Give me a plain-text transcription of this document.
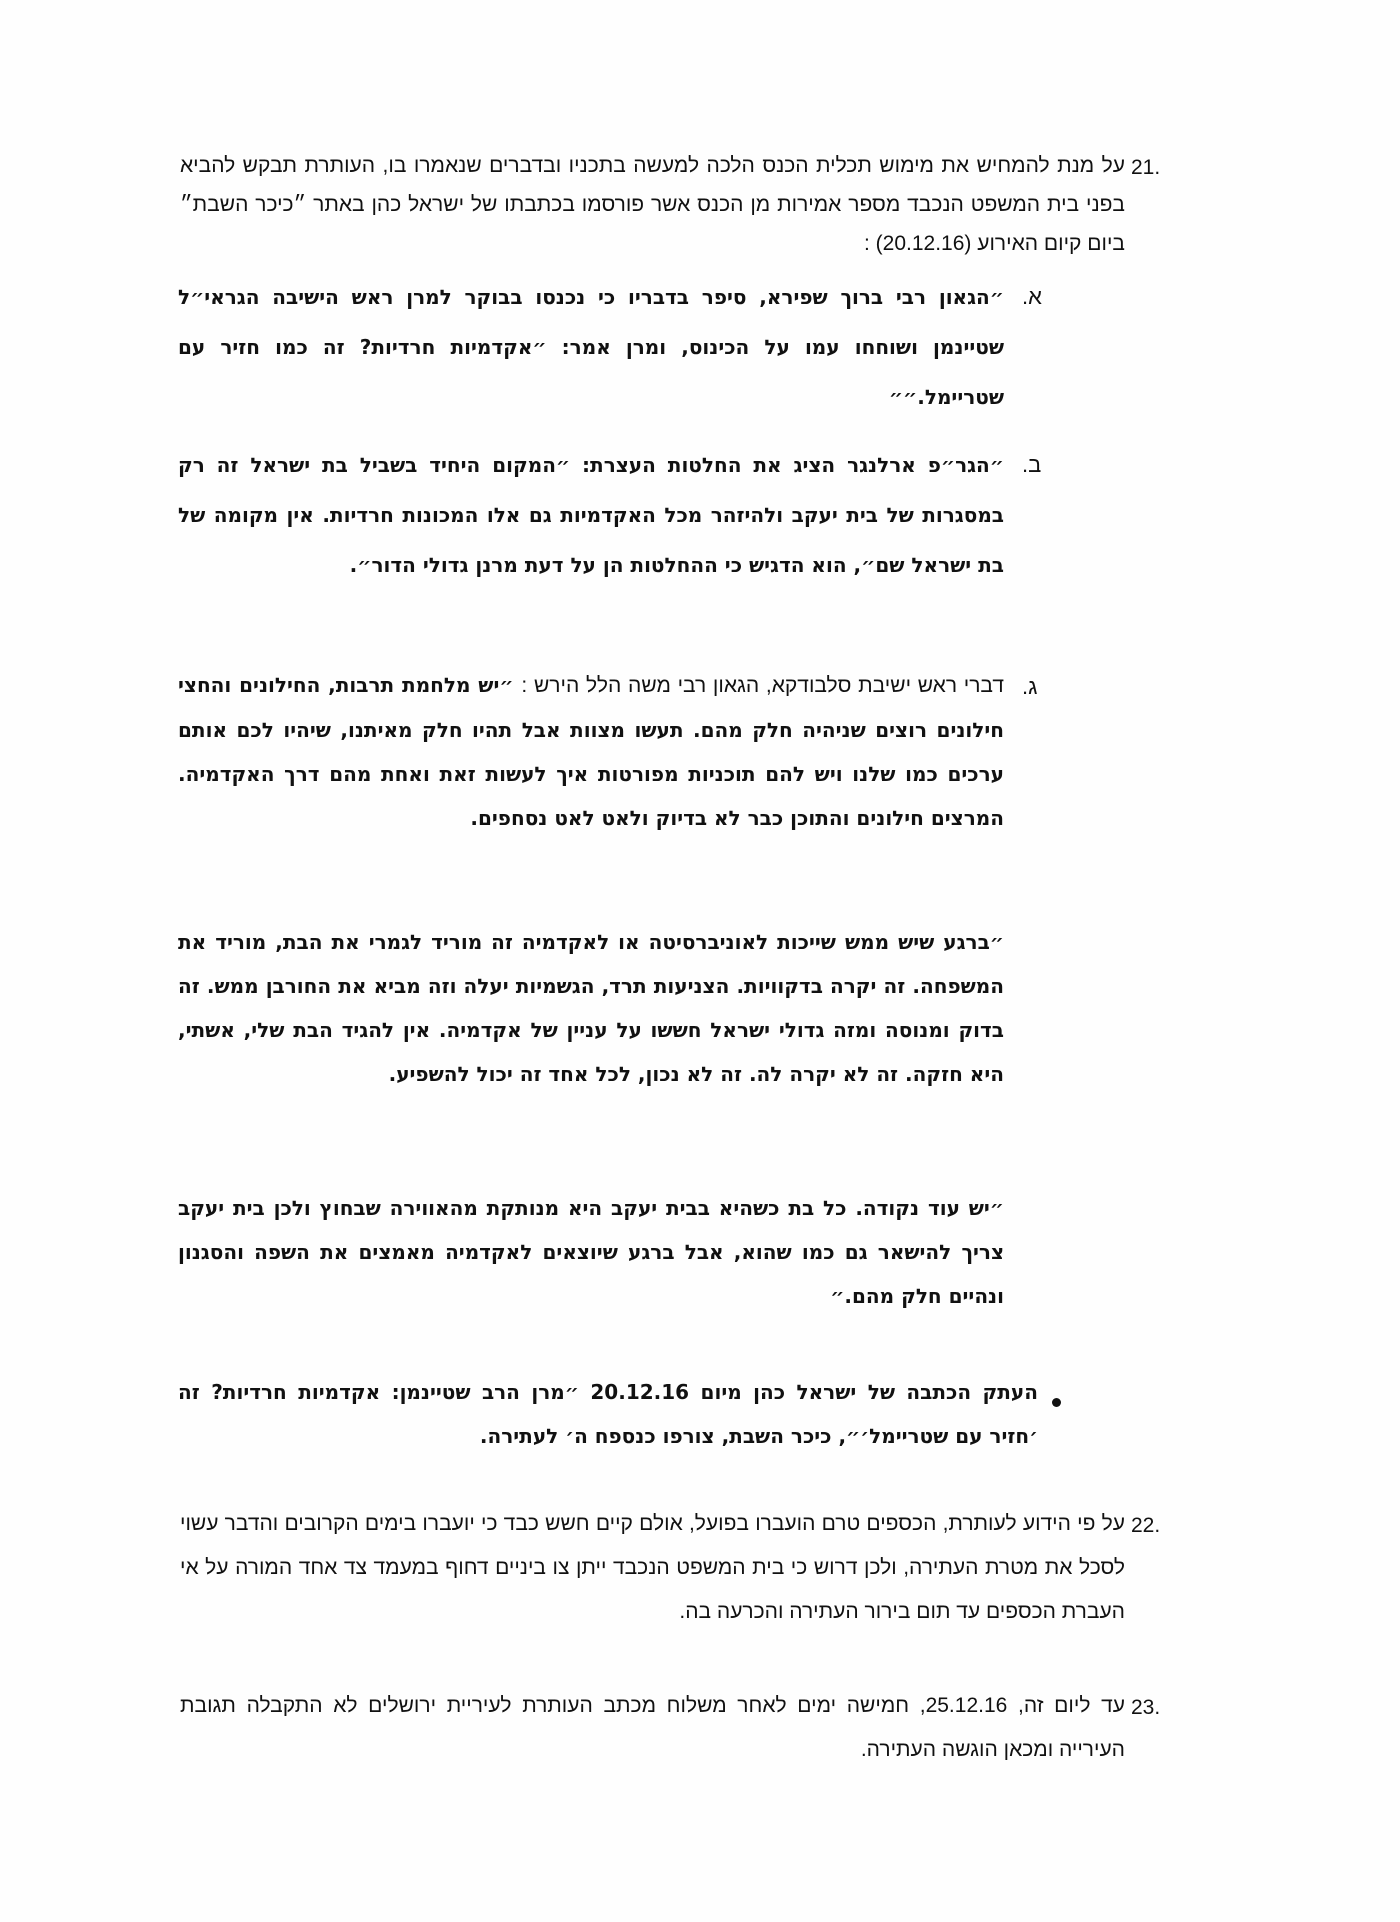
21.
על מנת להמחיש את מימוש תכלית הכנס הלכה למעשה בתכניו ובדברים שנאמרו בו, העותרת תבקש להביא בפני בית המשפט הנכבד מספר אמירות מן הכנס אשר פורסמו בכתבתו של ישראל כהן באתר ״כיכר השבת״ ביום קיום האירוע (20.12.16) :
א.
״הגאון רבי ברוך שפירא, סיפר בדבריו כי נכנסו בבוקר למרן ראש הישיבה הגראי״ל שטיינמן ושוחחו עמו על הכינוס, ומרן אמר: ״אקדמיות חרדיות? זה כמו חזיר עם שטריימל.״״
ב.
״הגר״פ ארלנגר הציג את החלטות העצרת: ״המקום היחיד בשביל בת ישראל זה רק במסגרות של בית יעקב ולהיזהר מכל האקדמיות גם אלו המכונות חרדיות. אין מקומה של בת ישראל שם״, הוא הדגיש כי ההחלטות הן על דעת מרנן גדולי הדור״.
ג.
דברי ראש ישיבת סלבודקא, הגאון רבי משה הלל הירש : ״יש מלחמת תרבות, החילונים והחצי חילונים רוצים שניהיה חלק מהם. תעשו מצוות אבל תהיו חלק מאיתנו, שיהיו לכם אותם ערכים כמו שלנו ויש להם תוכניות מפורטות איך לעשות זאת ואחת מהם דרך האקדמיה. המרצים חילונים והתוכן כבר לא בדיוק ולאט לאט נסחפים.
״ברגע שיש ממש שייכות לאוניברסיטה או לאקדמיה זה מוריד לגמרי את הבת, מוריד את המשפחה. זה יקרה בדקוויות. הצניעות תרד, הגשמיות יעלה וזה מביא את החורבן ממש. זה בדוק ומנוסה ומזה גדולי ישראל חששו על עניין של אקדמיה. אין להגיד הבת שלי, אשתי, היא חזקה. זה לא יקרה לה. זה לא נכון, לכל אחד זה יכול להשפיע.
״יש עוד נקודה. כל בת כשהיא בבית יעקב היא מנותקת מהאווירה שבחוץ ולכן בית יעקב צריך להישאר גם כמו שהוא, אבל ברגע שיוצאים לאקדמיה מאמצים את השפה והסגנון ונהיים חלק מהם.״
העתק הכתבה של ישראל כהן מיום 20.12.16 ״מרן הרב שטיינמן: אקדמיות חרדיות? זה ׳חזיר עם שטריימל׳״, כיכר השבת, צורפו כנספח ה׳ לעתירה.
22.
על פי הידוע לעותרת, הכספים טרם הועברו בפועל, אולם קיים חשש כבד כי יועברו בימים הקרובים והדבר עשוי לסכל את מטרת העתירה, ולכן דרוש כי בית המשפט הנכבד ייתן צו ביניים דחוף במעמד צד אחד המורה על אי העברת הכספים עד תום בירור העתירה והכרעה בה.
23.
עד ליום זה, 25.12.16, חמישה ימים לאחר משלוח מכתב העותרת לעיריית ירושלים לא התקבלה תגובת העירייה ומכאן הוגשה העתירה.
